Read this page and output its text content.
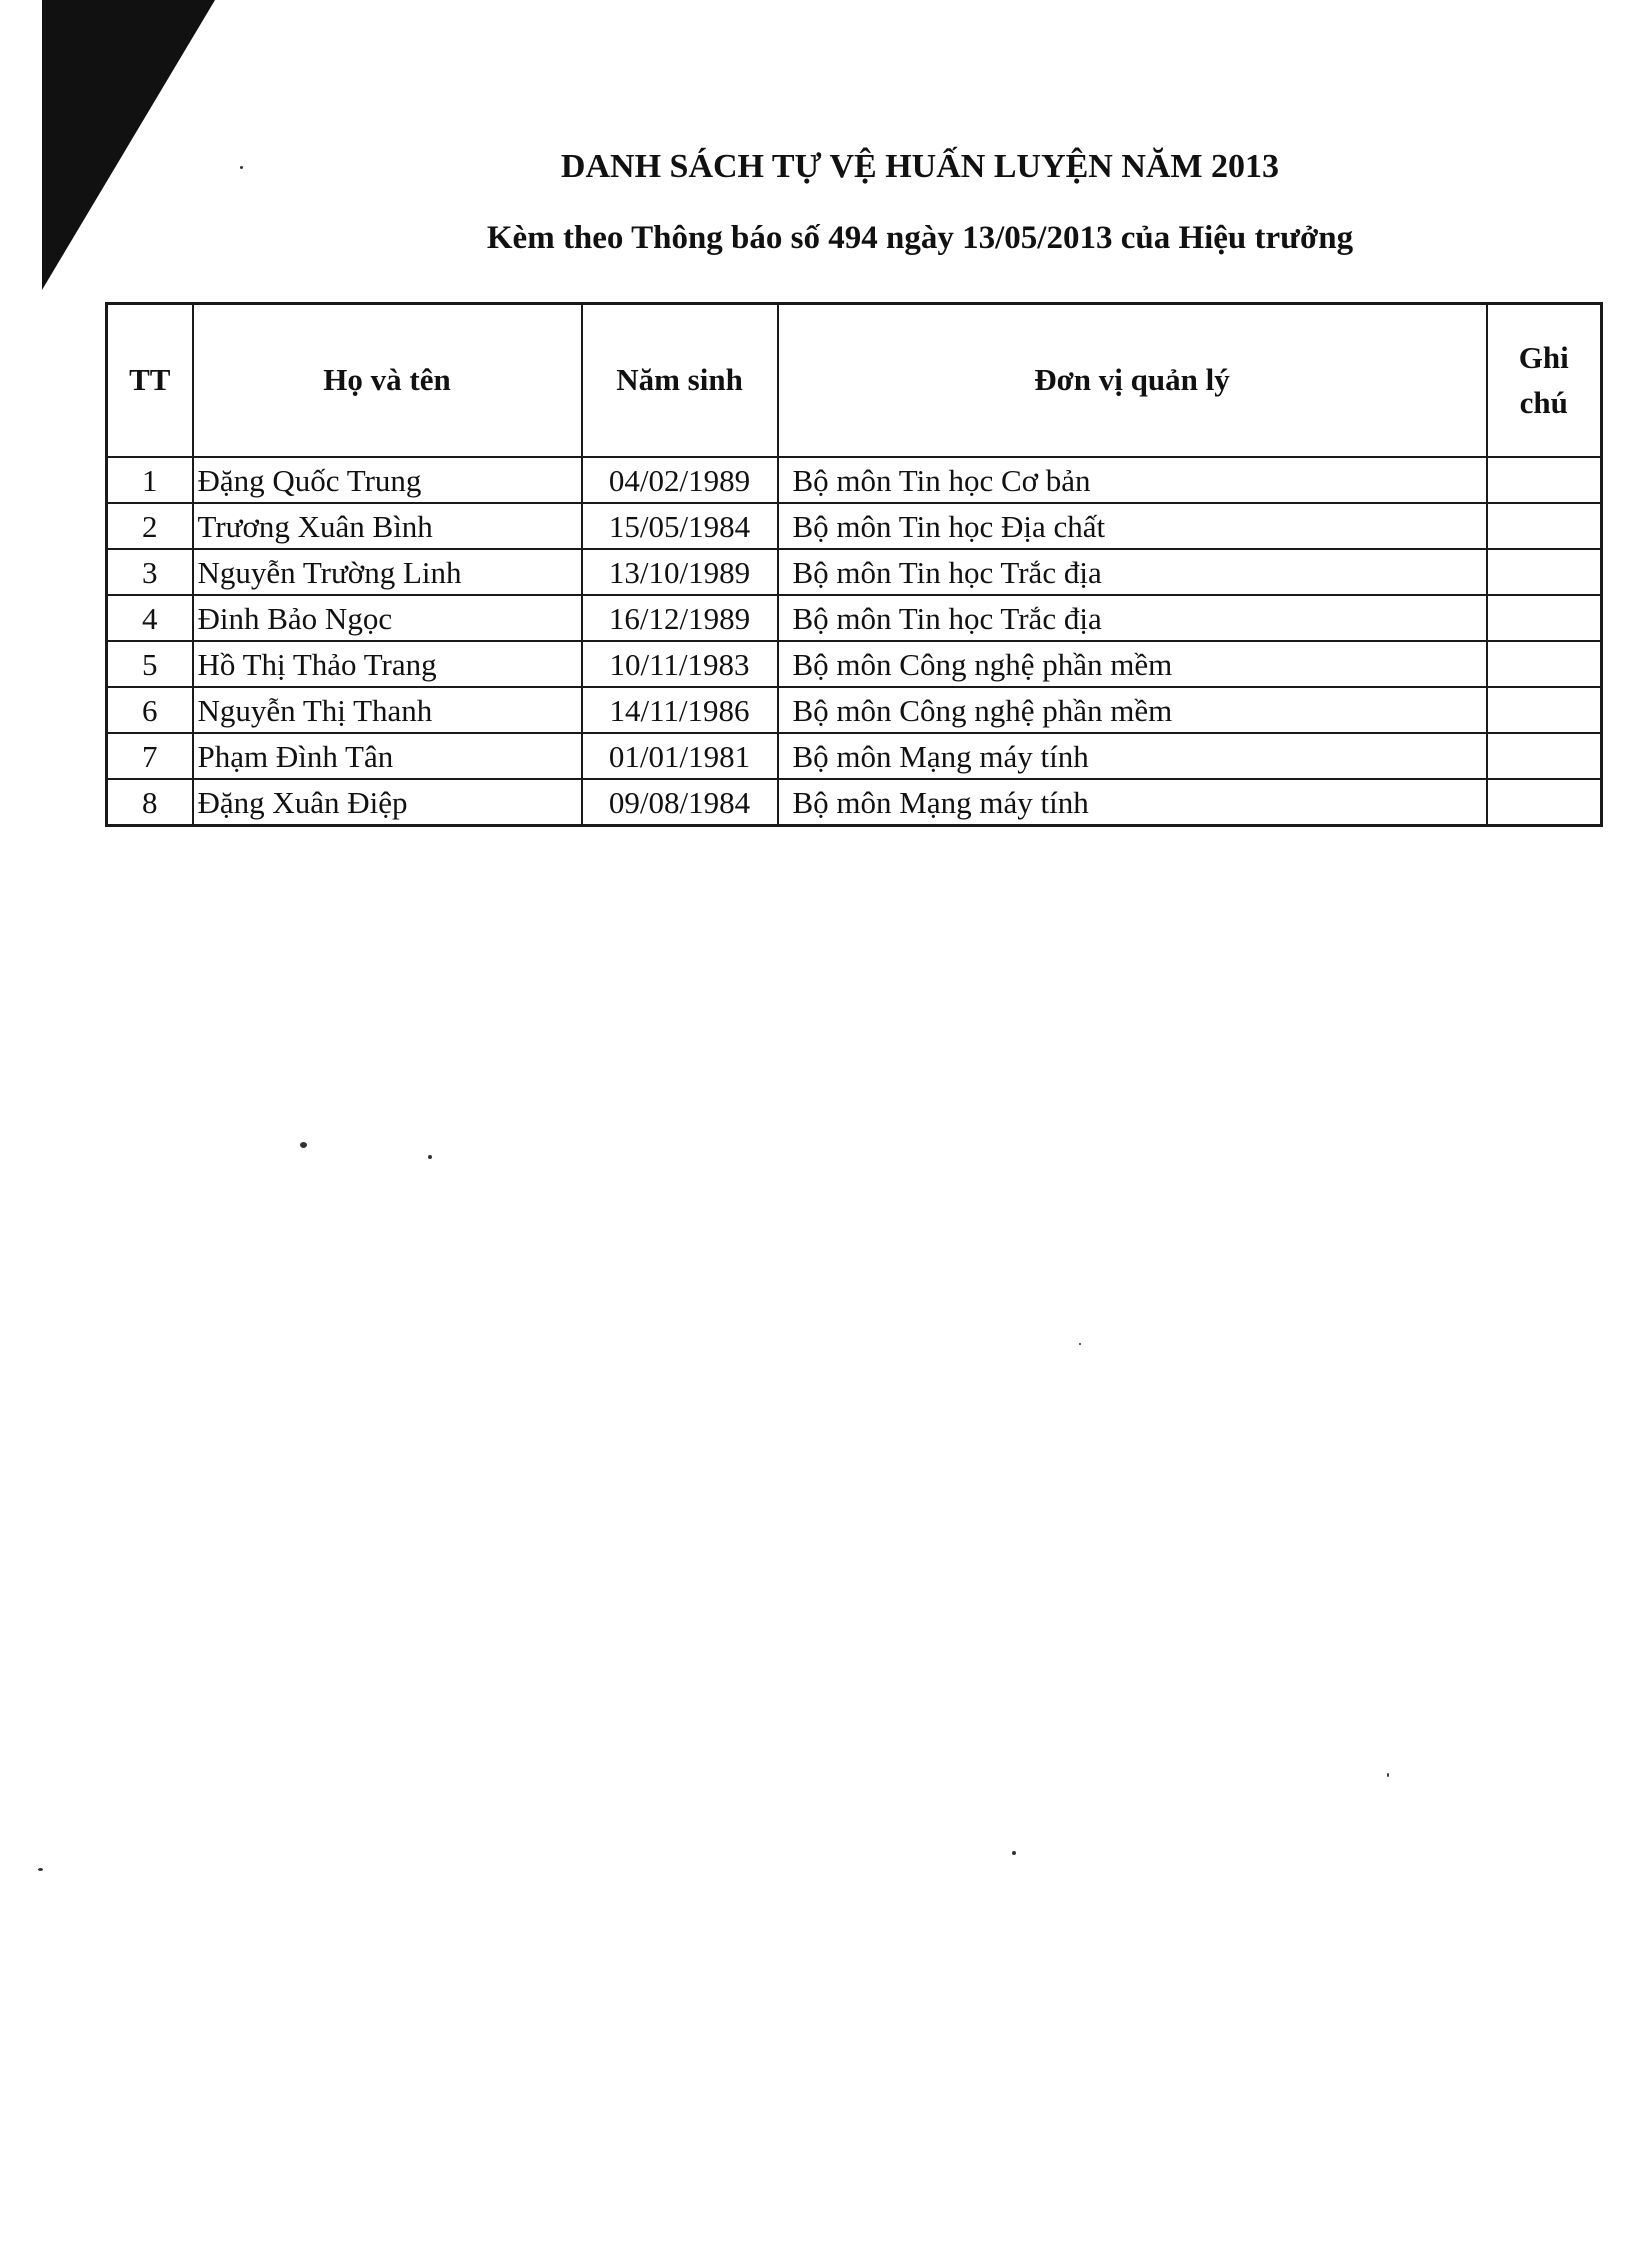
DANH SÁCH TỰ VỆ HUẤN LUYỆN NĂM 2013
Kèm theo Thông báo số 494 ngày 13/05/2013 của Hiệu trưởng
TT	Họ và tên	Năm sinh	Đơn vị quản lý	Ghi chú
1	Đặng Quốc Trung	04/02/1989	Bộ môn Tin học Cơ bản	
2	Trương Xuân Bình	15/05/1984	Bộ môn Tin học Địa chất	
3	Nguyễn Trường Linh	13/10/1989	Bộ môn Tin học Trắc địa	
4	Đinh Bảo Ngọc	16/12/1989	Bộ môn Tin học Trắc địa	
5	Hồ Thị Thảo Trang	10/11/1983	Bộ môn Công nghệ phần mềm	
6	Nguyễn Thị Thanh	14/11/1986	Bộ môn Công nghệ phần mềm	
7	Phạm Đình Tân	01/01/1981	Bộ môn Mạng máy tính	
8	Đặng Xuân Điệp	09/08/1984	Bộ môn Mạng máy tính	
